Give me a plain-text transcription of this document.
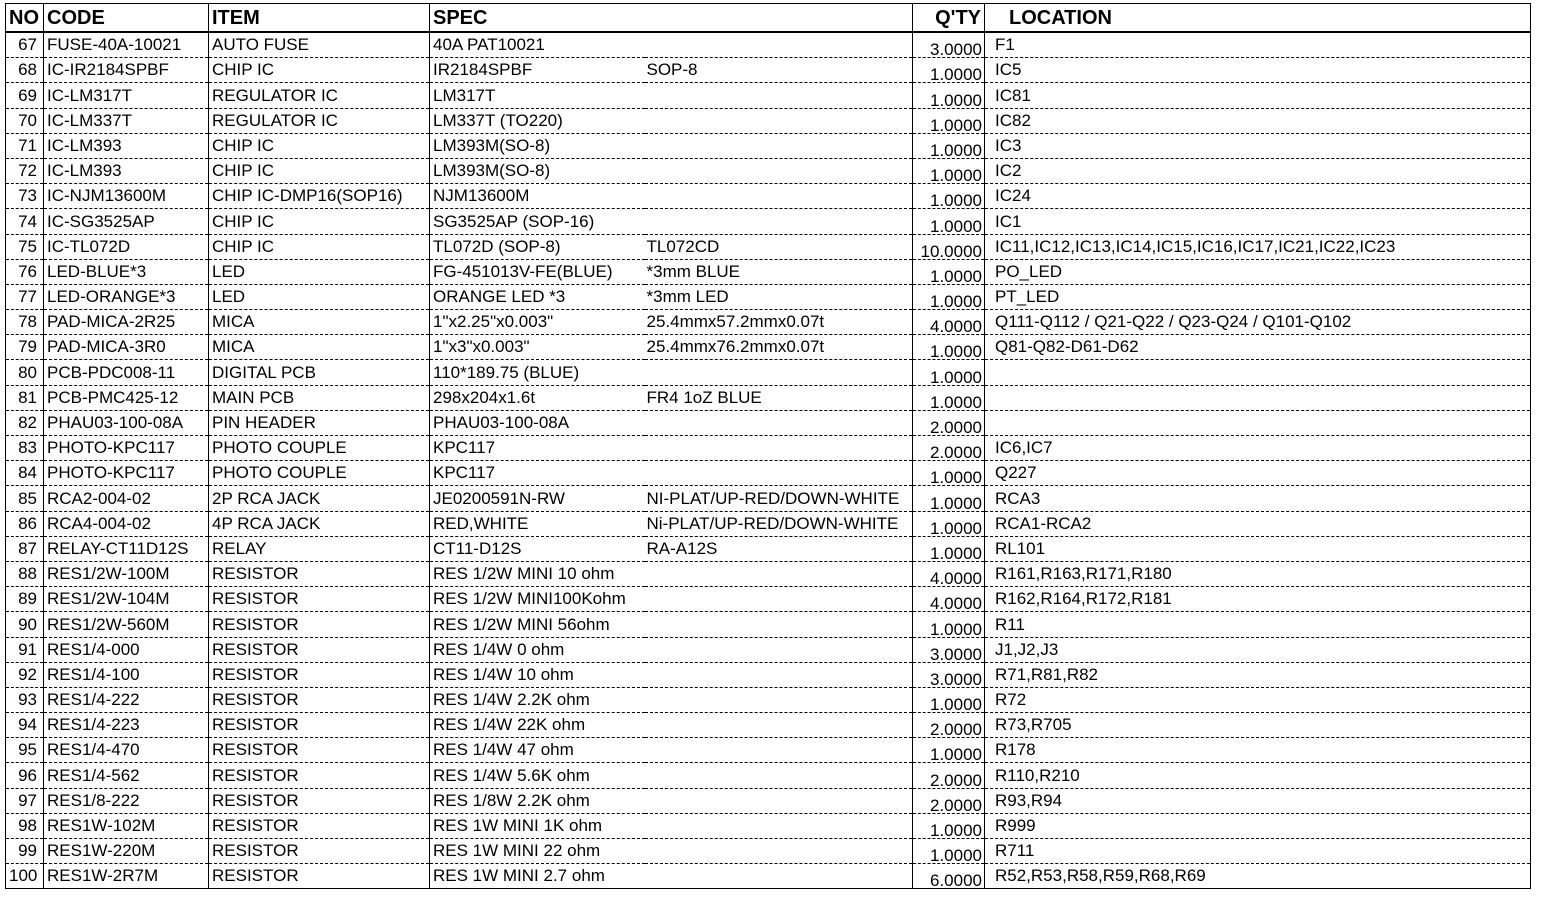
NO	CODE	ITEM	SPEC		Q'TY	LOCATION
67	FUSE-40A-10021	AUTO FUSE	40A PAT10021		3.0000	F1
68	IC-IR2184SPBF	CHIP IC	IR2184SPBF	SOP-8	1.0000	IC5
69	IC-LM317T	REGULATOR IC	LM317T		1.0000	IC81
70	IC-LM337T	REGULATOR IC	LM337T (TO220)		1.0000	IC82
71	IC-LM393	CHIP IC	LM393M(SO-8)		1.0000	IC3
72	IC-LM393	CHIP IC	LM393M(SO-8)		1.0000	IC2
73	IC-NJM13600M	CHIP IC-DMP16(SOP16)	NJM13600M		1.0000	IC24
74	IC-SG3525AP	CHIP IC	SG3525AP (SOP-16)		1.0000	IC1
75	IC-TL072D	CHIP IC	TL072D (SOP-8)	TL072CD	10.0000	IC11,IC12,IC13,IC14,IC15,IC16,IC17,IC21,IC22,IC23
76	LED-BLUE*3	LED	FG-451013V-FE(BLUE)	*3mm BLUE	1.0000	PO_LED
77	LED-ORANGE*3	LED	ORANGE LED *3	*3mm LED	1.0000	PT_LED
78	PAD-MICA-2R25	MICA	1"x2.25"x0.003"	25.4mmx57.2mmx0.07t	4.0000	Q111-Q112 / Q21-Q22 / Q23-Q24 / Q101-Q102
79	PAD-MICA-3R0	MICA	1"x3"x0.003"	25.4mmx76.2mmx0.07t	1.0000	Q81-Q82-D61-D62
80	PCB-PDC008-11	DIGITAL PCB	110*189.75 (BLUE)		1.0000	
81	PCB-PMC425-12	MAIN PCB	298x204x1.6t	FR4 1oZ BLUE	1.0000	
82	PHAU03-100-08A	PIN HEADER	PHAU03-100-08A		2.0000	
83	PHOTO-KPC117	PHOTO COUPLE	KPC117		2.0000	IC6,IC7
84	PHOTO-KPC117	PHOTO COUPLE	KPC117		1.0000	Q227
85	RCA2-004-02	2P RCA JACK	JE0200591N-RW	NI-PLAT/UP-RED/DOWN-WHITE	1.0000	RCA3
86	RCA4-004-02	4P RCA JACK	RED,WHITE	Ni-PLAT/UP-RED/DOWN-WHITE	1.0000	RCA1-RCA2
87	RELAY-CT11D12S	RELAY	CT11-D12S	RA-A12S	1.0000	RL101
88	RES1/2W-100M	RESISTOR	RES 1/2W MINI 10 ohm		4.0000	R161,R163,R171,R180
89	RES1/2W-104M	RESISTOR	RES 1/2W MINI100Kohm		4.0000	R162,R164,R172,R181
90	RES1/2W-560M	RESISTOR	RES 1/2W MINI 56ohm		1.0000	R11
91	RES1/4-000	RESISTOR	RES 1/4W 0 ohm		3.0000	J1,J2,J3
92	RES1/4-100	RESISTOR	RES 1/4W 10 ohm		3.0000	R71,R81,R82
93	RES1/4-222	RESISTOR	RES 1/4W 2.2K ohm		1.0000	R72
94	RES1/4-223	RESISTOR	RES 1/4W 22K ohm		2.0000	R73,R705
95	RES1/4-470	RESISTOR	RES 1/4W 47 ohm		1.0000	R178
96	RES1/4-562	RESISTOR	RES 1/4W 5.6K ohm		2.0000	R110,R210
97	RES1/8-222	RESISTOR	RES 1/8W 2.2K ohm		2.0000	R93,R94
98	RES1W-102M	RESISTOR	RES 1W MINI 1K ohm		1.0000	R999
99	RES1W-220M	RESISTOR	RES 1W MINI 22 ohm		1.0000	R711
100	RES1W-2R7M	RESISTOR	RES 1W MINI 2.7 ohm		6.0000	R52,R53,R58,R59,R68,R69
